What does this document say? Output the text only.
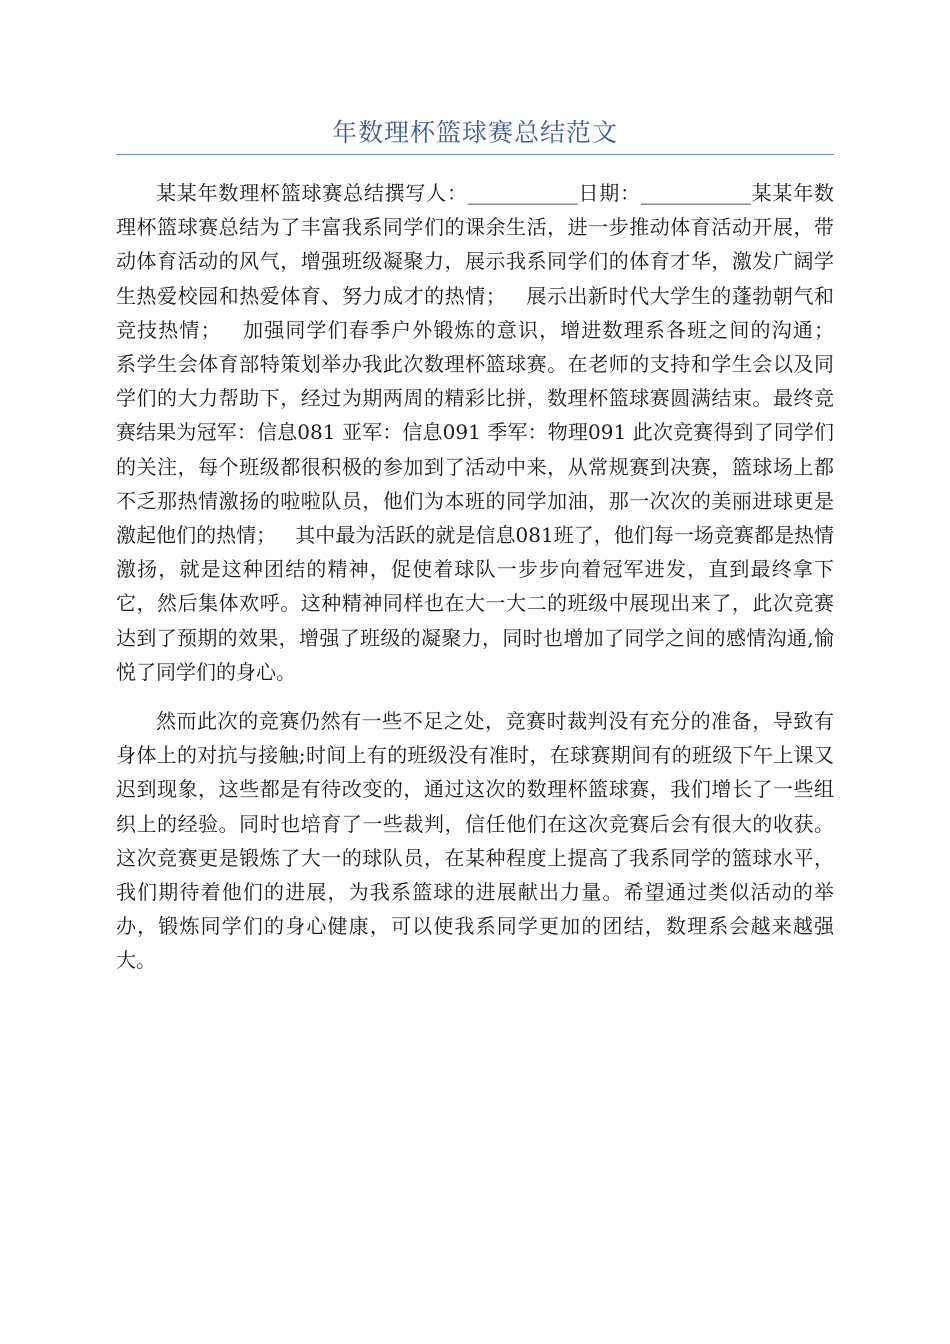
年数理杯篮球赛总结范文

某某年数理杯篮球赛总结撰写人：___________日期：___________某某年数理杯篮球赛总结为了丰富我系同学们的课余生活，进一步推动体育活动开展，带动体育活动的风气，增强班级凝聚力，展示我系同学们的体育才华，激发广阔学生热爱校园和热爱体育、努力成才的热情；   展示出新时代大学生的蓬勃朝气和竞技热情；   加强同学们春季户外锻炼的意识，增进数理系各班之间的沟通；   系学生会体育部特策划举办我此次数理杯篮球赛。在老师的支持和学生会以及同学们的大力帮助下，经过为期两周的精彩比拼，数理杯篮球赛圆满结束。最终竞赛结果为冠军：信息081 亚军：信息091 季军：物理091 此次竞赛得到了同学们的关注，每个班级都很积极的参加到了活动中来，从常规赛到决赛，篮球场上都不乏那热情激扬的啦啦队员，他们为本班的同学加油，那一次次的美丽进球更是激起他们的热情；   其中最为活跃的就是信息081班了，他们每一场竞赛都是热情激扬，就是这种团结的精神，促使着球队一步步向着冠军进发，直到最终拿下它，然后集体欢呼。这种精神同样也在大一大二的班级中展现出来了，此次竞赛达到了预期的效果，增强了班级的凝聚力，同时也增加了同学之间的感情沟通,愉悦了同学们的身心。

然而此次的竞赛仍然有一些不足之处，竞赛时裁判没有充分的准备，导致有身体上的对抗与接触;时间上有的班级没有准时，在球赛期间有的班级下午上课又迟到现象，这些都是有待改变的，通过这次的数理杯篮球赛，我们增长了一些组织上的经验。同时也培育了一些裁判，信任他们在这次竞赛后会有很大的收获。这次竞赛更是锻炼了大一的球队员，在某种程度上提高了我系同学的篮球水平，我们期待着他们的进展，为我系篮球的进展献出力量。希望通过类似活动的举办，锻炼同学们的身心健康，可以使我系同学更加的团结，数理系会越来越强大。
